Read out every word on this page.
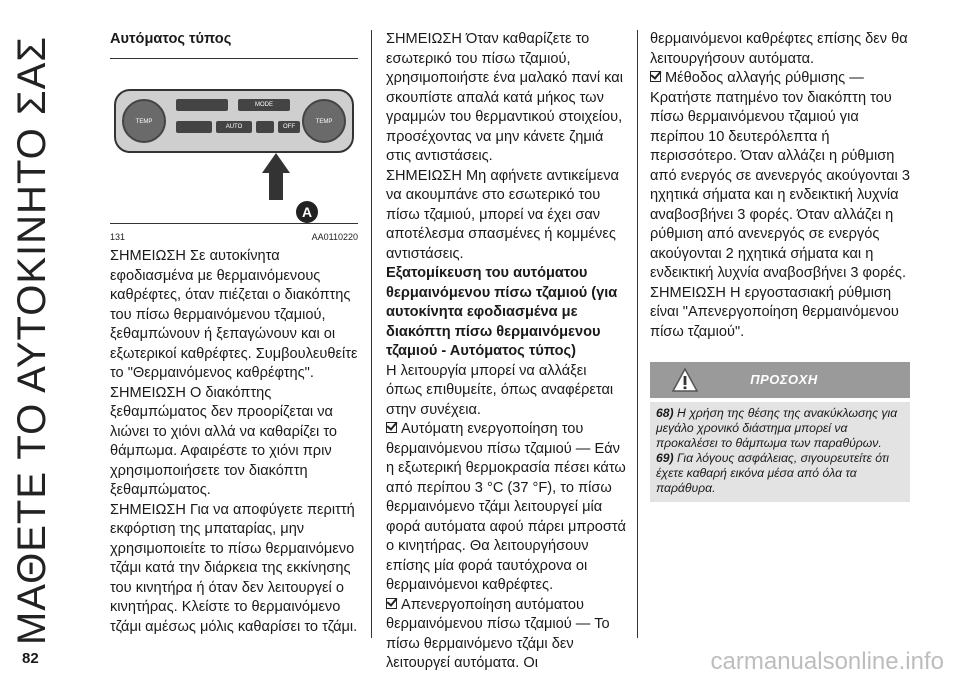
ΜΑΘΕΤΕ ΤΟ ΑΥΤΟΚΙΝΗΤΟ ΣΑΣ	Αυτόματος τύπος
TEMP	TEMP
MODE
AUTO	OFF
A
131	AA0110220

ΣΗΜΕΙΩΣΗ Σε αυτοκίνητα εφοδιασμένα με θερμαινόμενους καθρέφτες, όταν πιέζεται ο διακόπτης του πίσω θερμαινόμενου τζαμιού, ξεθαμπώνουν ή ξεπαγώνουν και οι εξωτερικοί καθρέφτες. Συμβουλευθείτε το "Θερμαινόμενος καθρέφτης".

ΣΗΜΕΙΩΣΗ Ο διακόπτης ξεθαμπώματος δεν προορίζεται να λιώνει το χιόνι αλλά να καθαρίζει το θάμπωμα. Αφαιρέστε το χιόνι πριν χρησιμοποιήσετε τον διακόπτη ξεθαμπώματος.

ΣΗΜΕΙΩΣΗ Για να αποφύγετε περιττή εκφόρτιση της μπαταρίας, μην χρησιμοποιείτε το πίσω θερμαινόμενο τζάμι κατά την διάρκεια της εκκίνησης του κινητήρα ή όταν δεν λειτουργεί ο κινητήρας. Κλείστε το θερμαινόμενο τζάμι αμέσως μόλις καθαρίσει το τζάμι.

ΣΗΜΕΙΩΣΗ Όταν καθαρίζετε το εσωτερικό του πίσω τζαμιού, χρησιμοποιήστε ένα μαλακό πανί και σκουπίστε απαλά κατά μήκος των γραμμών του θερμαντικού στοιχείου, προσέχοντας να μην κάνετε ζημιά στις αντιστάσεις.

ΣΗΜΕΙΩΣΗ Μη αφήνετε αντικείμενα να ακουμπάνε στο εσωτερικό του πίσω τζαμιού, μπορεί να έχει σαν αποτέλεσμα σπασμένες ή κομμένες αντιστάσεις.

Εξατομίκευση του αυτόματου θερμαινόμενου πίσω τζαμιού (για αυτοκίνητα εφοδιασμένα με διακόπτη πίσω θερμαινόμενου τζαμιού - Αυτόματος τύπος)

Η λειτουργία μπορεί να αλλάξει όπως επιθυμείτε, όπως αναφέρεται στην συνέχεια.

Αυτόματη ενεργοποίηση του θερμαινόμενου πίσω τζαμιού — Εάν η εξωτερική θερμοκρασία πέσει κάτω από περίπου 3 °C (37 °F), το πίσω θερμαινόμενο τζάμι λειτουργεί μία φορά αυτόματα αφού πάρει μπροστά ο κινητήρας. Θα λειτουργήσουν επίσης μία φορά ταυτόχρονα οι θερμαινόμενοι καθρέφτες.

Απενεργοποίηση αυτόματου θερμαινόμενου πίσω τζαμιού — Το πίσω θερμαινόμενο τζάμι δεν λειτουργεί αυτόματα. Οι

θερμαινόμενοι καθρέφτες επίσης δεν θα λειτουργήσουν αυτόματα.

Μέθοδος αλλαγής ρύθμισης — Κρατήστε πατημένο τον διακόπτη του πίσω θερμαινόμενου τζαμιού για περίπου 10 δευτερόλεπτα ή περισσότερο. Όταν αλλάζει η ρύθμιση από ενεργός σε ανενεργός ακούγονται 3 ηχητικά σήματα και η ενδεικτική λυχνία αναβοσβήνει 3 φορές. Όταν αλλάζει η ρύθμιση από ανενεργός σε ενεργός ακούγονται 2 ηχητικά σήματα και η ενδεικτική λυχνία αναβοσβήνει 3 φορές.

ΣΗΜΕΙΩΣΗ Η εργοστασιακή ρύθμιση είναι "Απενεργοποίηση θερμαινόμενου πίσω τζαμιού".

ΠΡΟΣΟΧΗ

68) Η χρήση της θέσης της ανακύκλωσης για μεγάλο χρονικό διάστημα μπορεί να προκαλέσει το θάμπωμα των παραθύρων.

69) Για λόγους ασφάλειας, σιγουρευτείτε ότι έχετε καθαρή εικόνα μέσα από όλα τα παράθυρα.

82	carmanualsonline.info
